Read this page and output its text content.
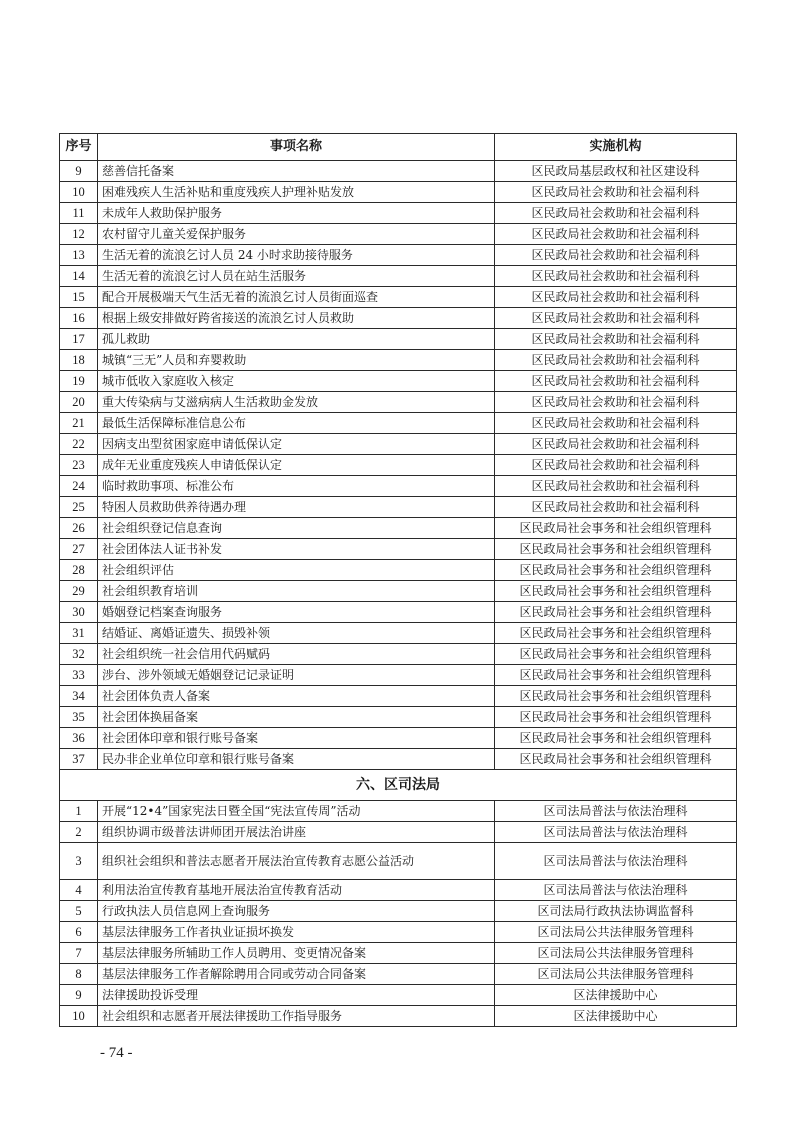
序号	事项名称	实施机构
9	慈善信托备案	区民政局基层政权和社区建设科
10	困难残疾人生活补贴和重度残疾人护理补贴发放	区民政局社会救助和社会福利科
11	未成年人救助保护服务	区民政局社会救助和社会福利科
12	农村留守儿童关爱保护服务	区民政局社会救助和社会福利科
13	生活无着的流浪乞讨人员 24 小时求助接待服务	区民政局社会救助和社会福利科
14	生活无着的流浪乞讨人员在站生活服务	区民政局社会救助和社会福利科
15	配合开展极端天气生活无着的流浪乞讨人员街面巡查	区民政局社会救助和社会福利科
16	根据上级安排做好跨省接送的流浪乞讨人员救助	区民政局社会救助和社会福利科
17	孤儿救助	区民政局社会救助和社会福利科
18	城镇“三无”人员和弃婴救助	区民政局社会救助和社会福利科
19	城市低收入家庭收入核定	区民政局社会救助和社会福利科
20	重大传染病与艾滋病病人生活救助金发放	区民政局社会救助和社会福利科
21	最低生活保障标准信息公布	区民政局社会救助和社会福利科
22	因病支出型贫困家庭申请低保认定	区民政局社会救助和社会福利科
23	成年无业重度残疾人申请低保认定	区民政局社会救助和社会福利科
24	临时救助事项、标准公布	区民政局社会救助和社会福利科
25	特困人员救助供养待遇办理	区民政局社会救助和社会福利科
26	社会组织登记信息查询	区民政局社会事务和社会组织管理科
27	社会团体法人证书补发	区民政局社会事务和社会组织管理科
28	社会组织评估	区民政局社会事务和社会组织管理科
29	社会组织教育培训	区民政局社会事务和社会组织管理科
30	婚姻登记档案查询服务	区民政局社会事务和社会组织管理科
31	结婚证、离婚证遗失、损毁补领	区民政局社会事务和社会组织管理科
32	社会组织统一社会信用代码赋码	区民政局社会事务和社会组织管理科
33	涉台、涉外领域无婚姻登记记录证明	区民政局社会事务和社会组织管理科
34	社会团体负责人备案	区民政局社会事务和社会组织管理科
35	社会团体换届备案	区民政局社会事务和社会组织管理科
36	社会团体印章和银行账号备案	区民政局社会事务和社会组织管理科
37	民办非企业单位印章和银行账号备案	区民政局社会事务和社会组织管理科
六、区司法局		
1	开展“12•4”国家宪法日暨全国“宪法宣传周”活动	区司法局普法与依法治理科
2	组织协调市级普法讲师团开展法治讲座	区司法局普法与依法治理科
3	组织社会组织和普法志愿者开展法治宣传教育志愿公益活动	区司法局普法与依法治理科
4	利用法治宣传教育基地开展法治宣传教育活动	区司法局普法与依法治理科
5	行政执法人员信息网上查询服务	区司法局行政执法协调监督科
6	基层法律服务工作者执业证损坏换发	区司法局公共法律服务管理科
7	基层法律服务所辅助工作人员聘用、变更情况备案	区司法局公共法律服务管理科
8	基层法律服务工作者解除聘用合同或劳动合同备案	区司法局公共法律服务管理科
9	法律援助投诉受理	区法律援助中心
10	社会组织和志愿者开展法律援助工作指导服务	区法律援助中心
- 74 -
